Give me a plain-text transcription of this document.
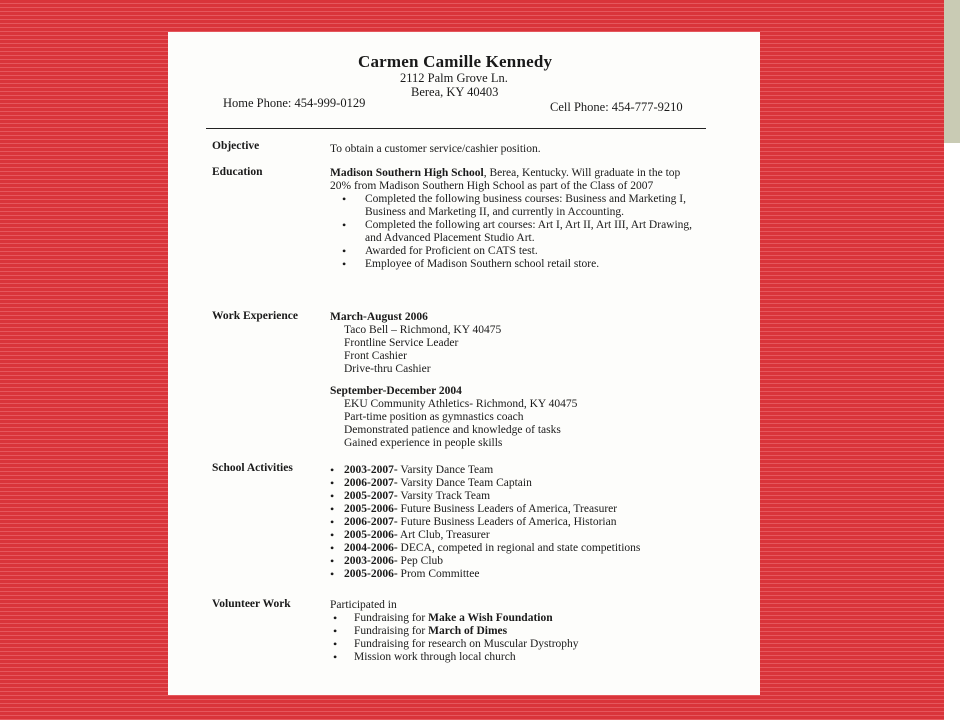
Carmen Camille Kennedy
2112 Palm Grove Ln.
Berea, KY 40403
Home Phone: 454-999-0129	Cell Phone: 454-777-9210
Objective	To obtain a customer service/cashier position.
Education	Madison Southern High School, Berea, Kentucky. Will graduate in the top 20% from Madison Southern High School as part of the Class of 2007

• Completed the following business courses: Business and Marketing I, Business and Marketing II, and currently in Accounting.
• Completed the following art courses: Art I, Art II, Art III, Art Drawing, and Advanced Placement Studio Art.
• Awarded for Proficient on CATS test.
• Employee of Madison Southern school retail store.
Work Experience	March-August 2006

Taco Bell – Richmond, KY 40475

Frontline Service Leader

Front Cashier

Drive-thru Cashier

September-December 2004

EKU Community Athletics- Richmond, KY 40475

Part-time position as gymnastics coach

Demonstrated patience and knowledge of tasks

Gained experience in people skills

School Activities
•	2003-2007- Varsity Dance Team
• 2006-2007- Varsity Dance Team Captain
• 2005-2007- Varsity Track Team
• 2005-2006- Future Business Leaders of America, Treasurer
• 2006-2007- Future Business Leaders of America, Historian
• 2005-2006- Art Club, Treasurer
• 2004-2006- DECA, competed in regional and state competitions
• 2003-2006- Pep Club
• 2005-2006- Prom Committee
Volunteer Work	Participated in

• Fundraising for Make a Wish Foundation
• Fundraising for March of Dimes
• Fundraising for research on Muscular Dystrophy
• Mission work through local church
